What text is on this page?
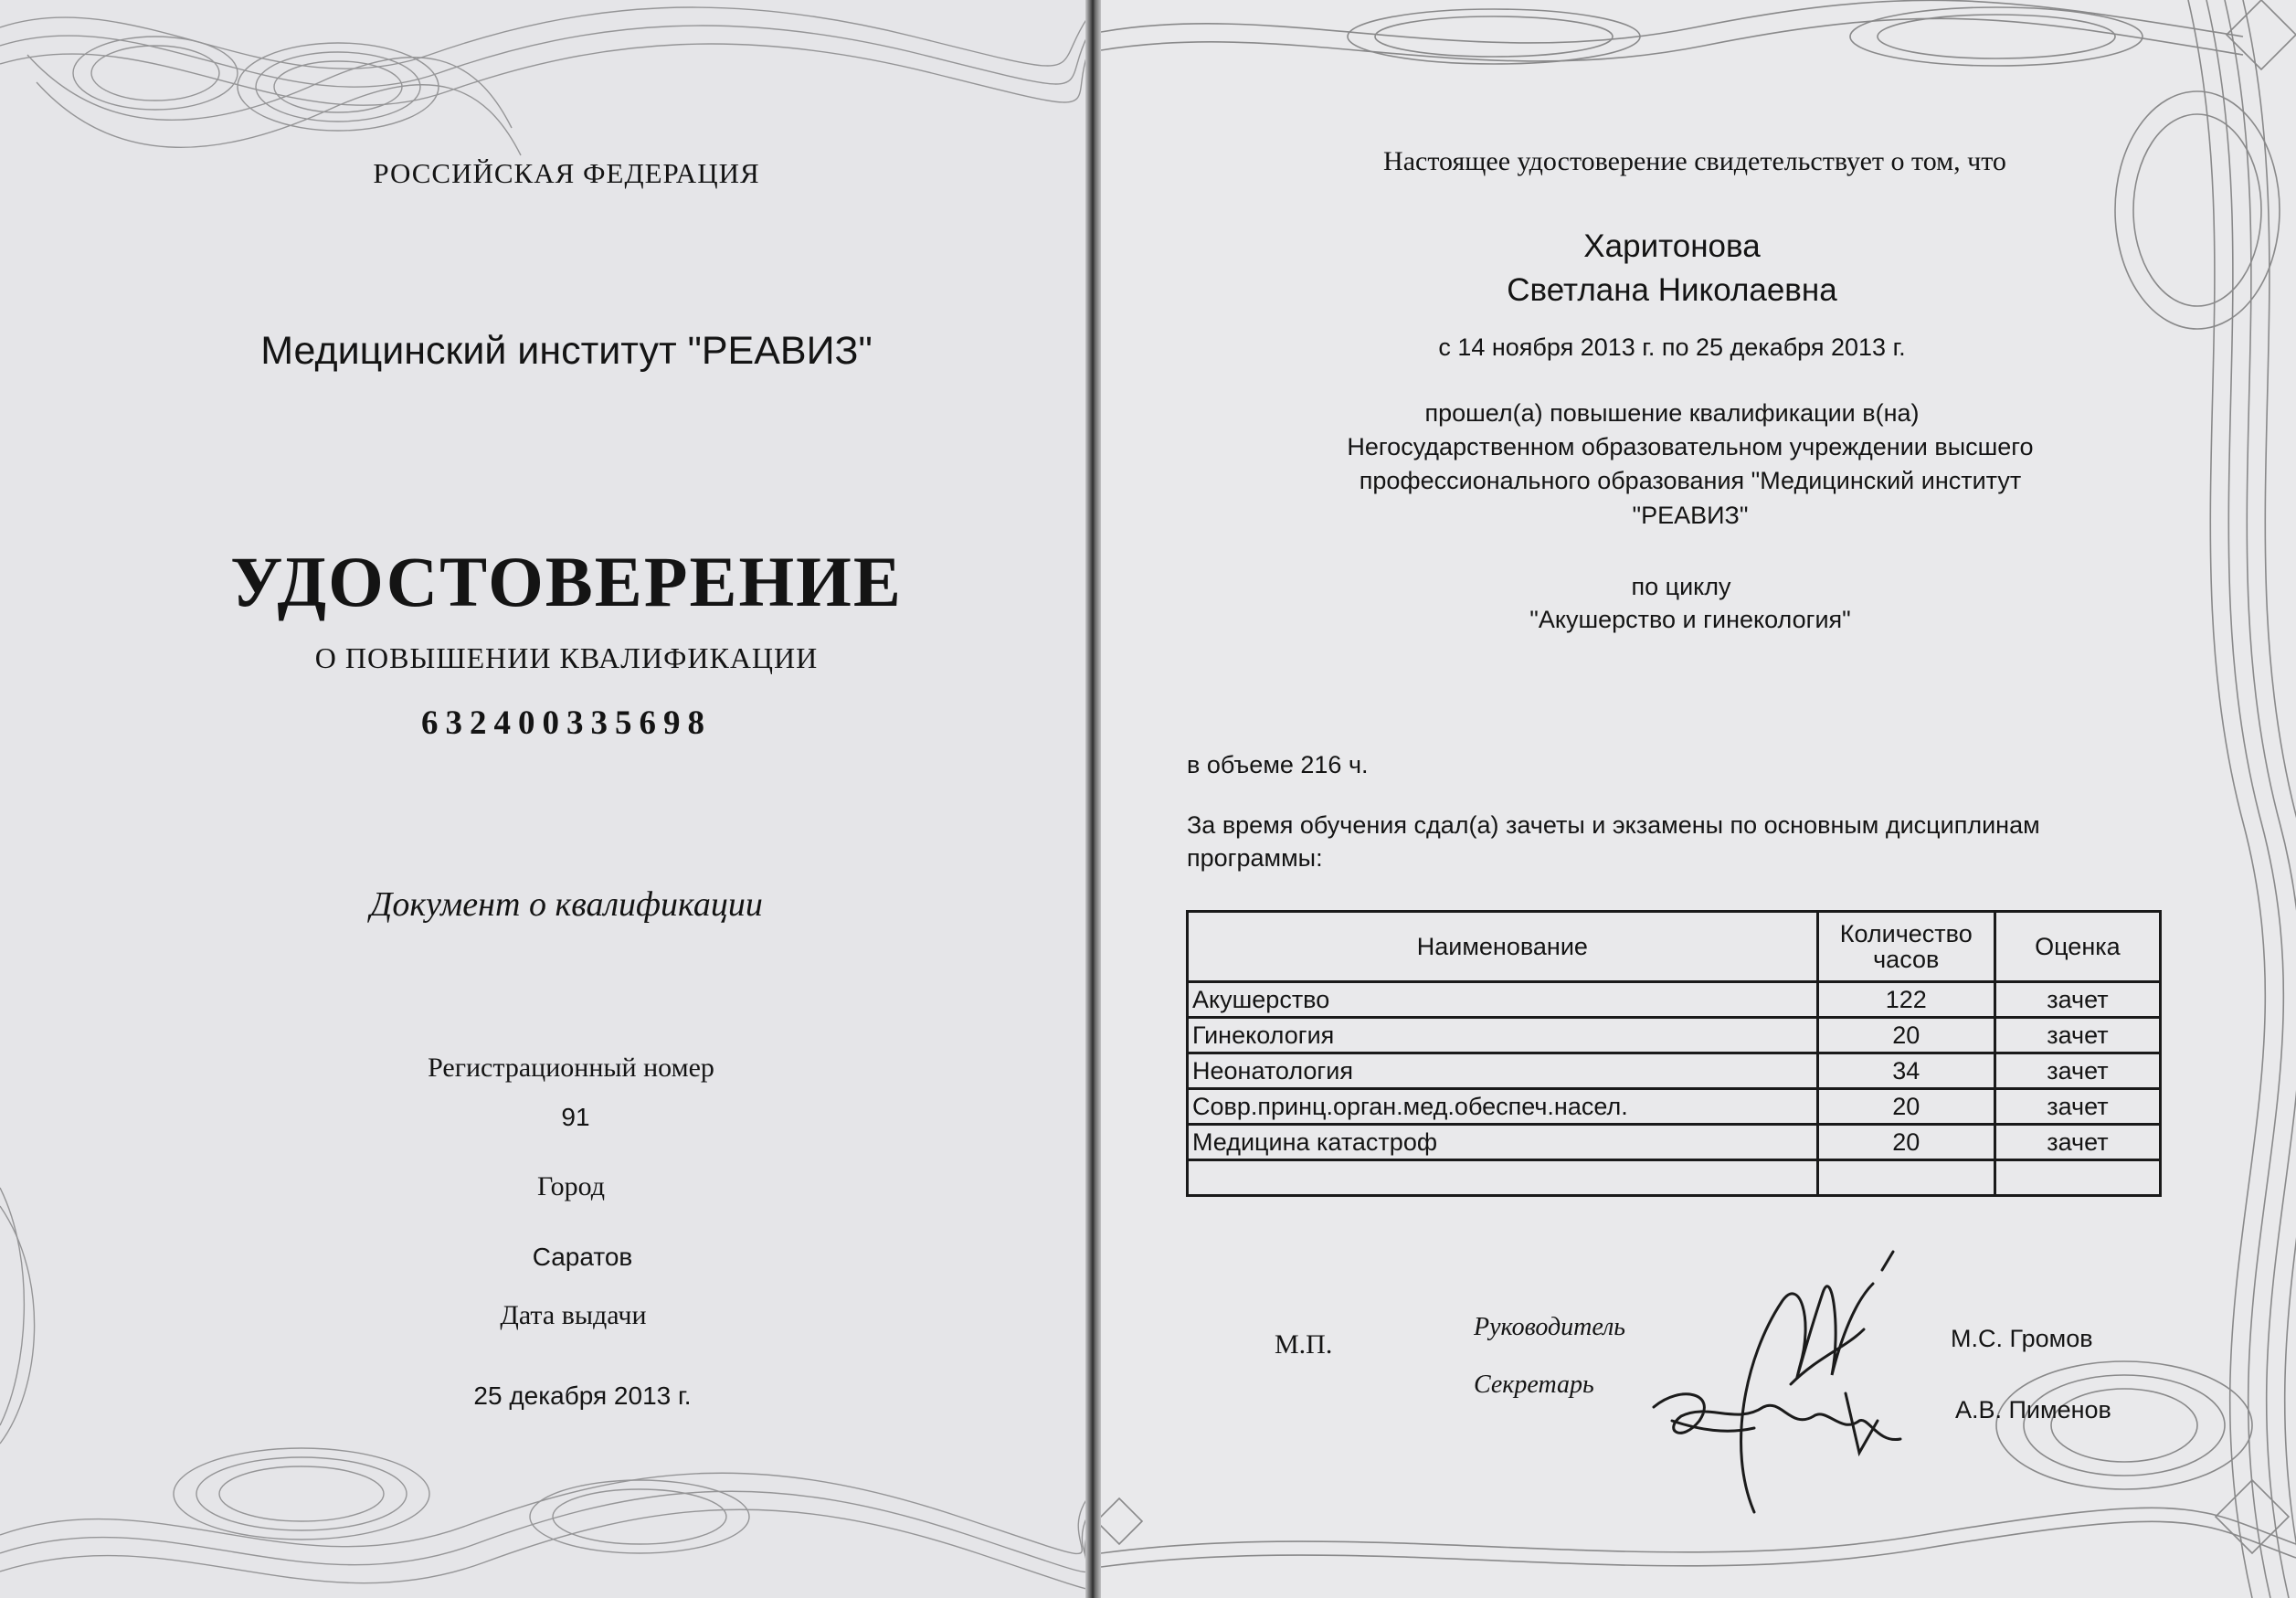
РОССИЙСКАЯ ФЕДЕРАЦИЯ
Медицинский институт "РЕАВИЗ"
УДОСТОВЕРЕНИЕ
О ПОВЫШЕНИИ КВАЛИФИКАЦИИ
632400335698
Документ о квалификации
Регистрационный номер
91
Город
Саратов
Дата выдачи
25 декабря 2013 г.
Настоящее удостоверение свидетельствует о том, что
Харитонова
Светлана Николаевна
с 14 ноября 2013 г. по 25 декабря 2013 г.
прошел(а) повышение квалификации в(на)
Негосударственном образовательном учреждении высшего
профессионального образования "Медицинский институт
"РЕАВИЗ"
по циклу
"Акушерство и гинекология"
в объеме 216 ч.
За время обучения сдал(а) зачеты и экзамены по основным дисциплинам программы:
Наименование	Количество часов	Оценка
Акушерство	122	зачет
Гинекология	20	зачет
Неонатология	34	зачет
Совр.принц.орган.мед.обеспеч.насел.	20	зачет
Медицина катастроф	20	зачет

М.П.
Руководитель
Секретарь
М.С. Громов
А.В. Пименов
